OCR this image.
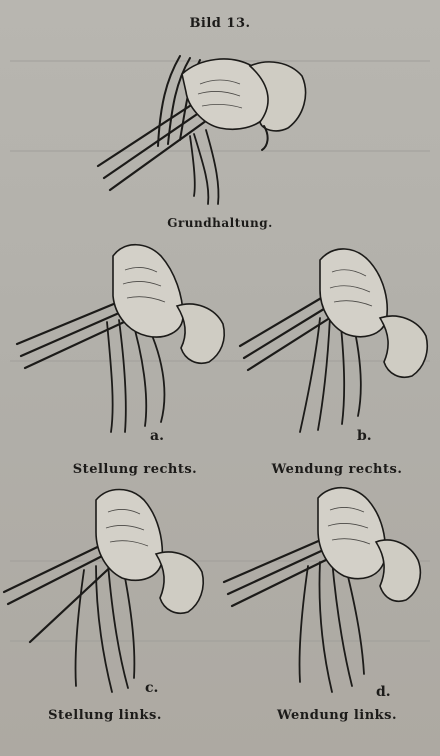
Bild 13.
Grundhaltung.
a.
Stellung rechts.
b.
Wendung rechts.
c.
Stellung links.
d.
Wendung links.
